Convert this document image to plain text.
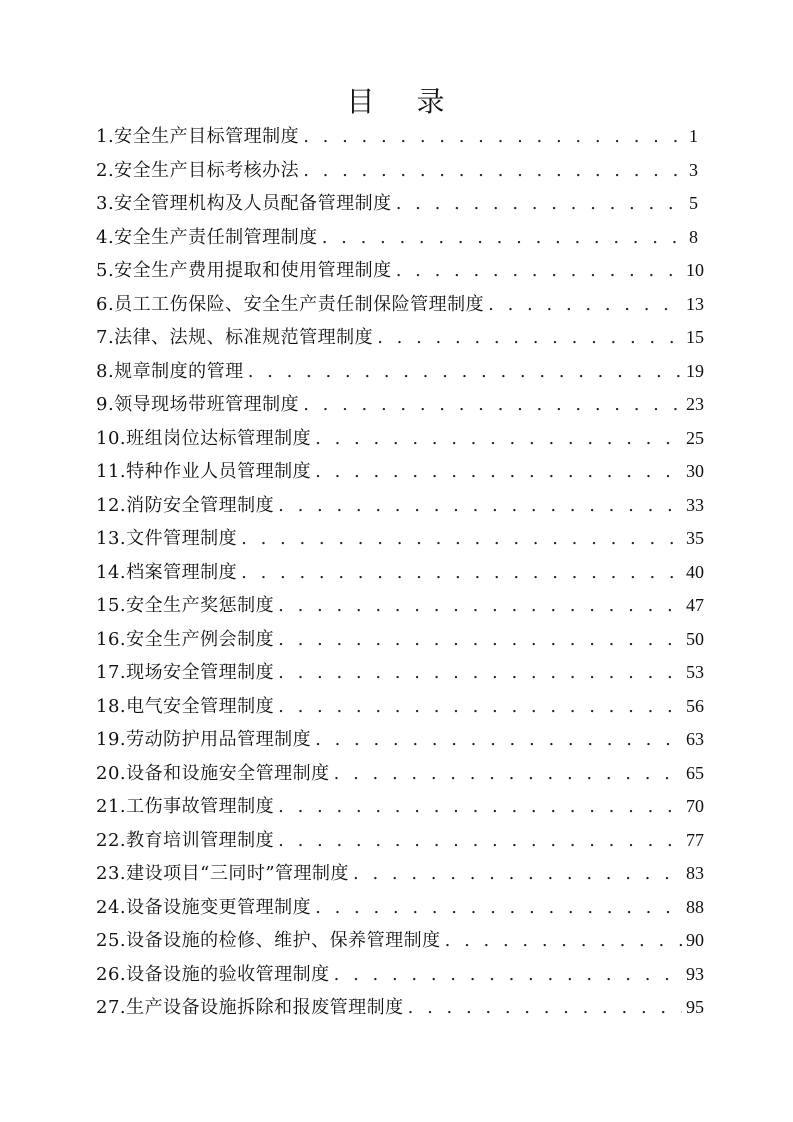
目 录
1.安全生产目标管理制度 . . .	1
2.安全生产目标考核办法 . . .	3
3.安全管理机构及人员配备管理制度 . . .	5
4.安全生产责任制管理制度 . . .	8
5.安全生产费用提取和使用管理制度 . . .	10
6.员工工伤保险、安全生产责任制保险管理制度 . . .	13
7.法律、法规、标准规范管理制度 . . .	15
8.规章制度的管理 . . .	19
9.领导现场带班管理制度 . . .	23
10.班组岗位达标管理制度 . . .	25
11.特种作业人员管理制度 . . .	30
12.消防安全管理制度 . . .	33
13.文件管理制度 . . .	35
14.档案管理制度 . . .	40
15.安全生产奖惩制度 . . .	47
16.安全生产例会制度 . . .	50
17.现场安全管理制度 . . .	53
18.电气安全管理制度 . . .	56
19.劳动防护用品管理制度 . . .	63
20.设备和设施安全管理制度 . . .	65
21.工伤事故管理制度 . . .	70
22.教育培训管理制度 . . .	77
23.建设项目“三同时”管理制度 . . .	83
24.设备设施变更管理制度 . . .	88
25.设备设施的检修、维护、保养管理制度 . . .	90
26.设备设施的验收管理制度 . . .	93
27.生产设备设施拆除和报废管理制度 . . .	95
